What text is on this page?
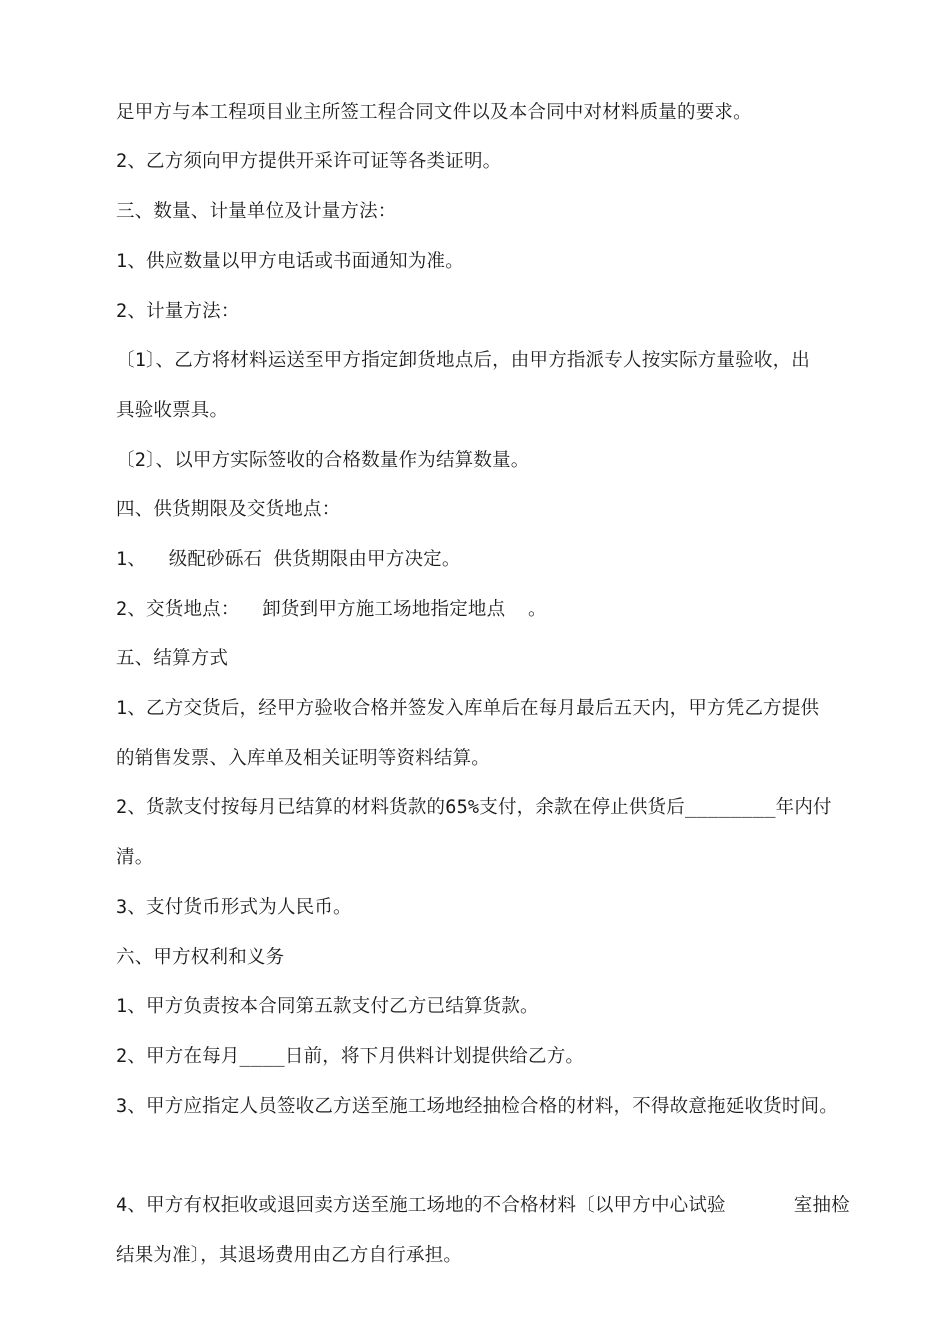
足甲方与本工程项目业主所签工程合同文件以及本合同中对材料质量的要求。
2、乙方须向甲方提供开采许可证等各类证明。
三、数量、计量单位及计量方法：
1、供应数量以甲方电话或书面通知为准。
2、计量方法：
〔1〕、乙方将材料运送至甲方指定卸货地点后，由甲方指派专人按实际方量验收，出
具验收票具。
〔2〕、以甲方实际签收的合格数量作为结算数量。
四、供货期限及交货地点：
1、  级配砂砾石 供货期限由甲方决定。
2、交货地点：  卸货到甲方施工场地指定地点  。
五、结算方式
1、乙方交货后，经甲方验收合格并签发入库单后在每月最后五天内，甲方凭乙方提供
的销售发票、入库单及相关证明等资料结算。
2、货款支付按每月已结算的材料货款的65%支付，余款在停止供货后________年内付
清。
3、支付货币形式为人民币。
六、甲方权利和义务
1、甲方负责按本合同第五款支付乙方已结算货款。
2、甲方在每月____日前，将下月供料计划提供给乙方。
3、甲方应指定人员签收乙方送至施工场地经抽检合格的材料，不得故意拖延收货时间。
4、甲方有权拒收或退回卖方送至施工场地的不合格材料〔以甲方中心试验      室抽检
结果为准〕，其退场费用由乙方自行承担。
